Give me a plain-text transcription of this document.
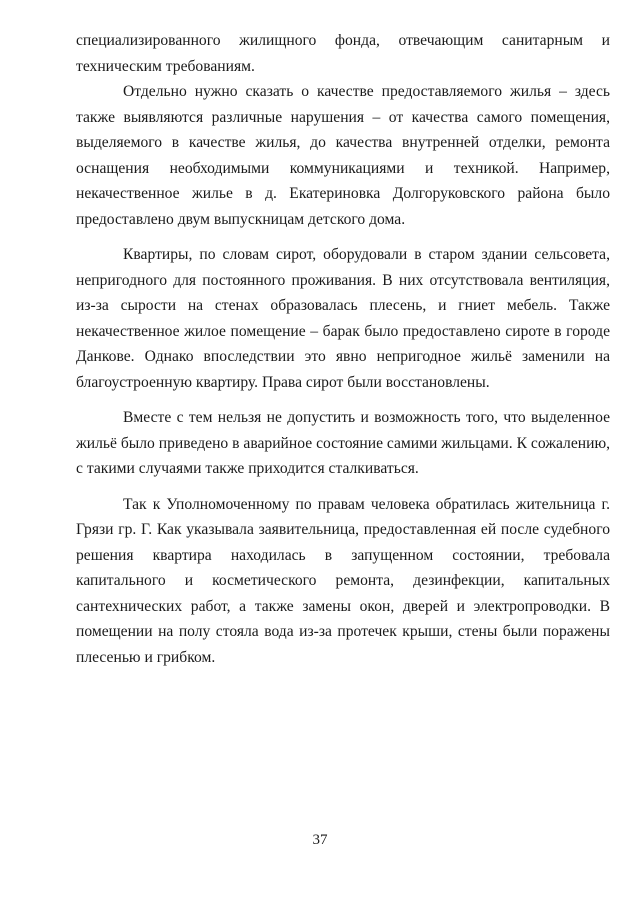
специализированного жилищного фонда, отвечающим санитарным и техническим требованиям.

Отдельно нужно сказать о качестве предоставляемого жилья – здесь также выявляются различные нарушения – от качества самого помещения, выделяемого в качестве жилья, до качества внутренней отделки, ремонта оснащения необходимыми коммуникациями и техникой. Например, некачественное жилье в д. Екатериновка Долгоруковского района было предоставлено двум выпускницам детского дома.

Квартиры, по словам сирот, оборудовали в старом здании сельсовета, непригодного для постоянного проживания. В них отсутствовала вентиляция, из-за сырости на стенах образовалась плесень, и гниет мебель. Также некачественное жилое помещение – барак было предоставлено сироте в городе Данкове. Однако впоследствии это явно непригодное жильё заменили на благоустроенную квартиру. Права сирот были восстановлены.

Вместе с тем нельзя не допустить и возможность того, что выделенное жильё было приведено в аварийное состояние самими жильцами. К сожалению, с такими случаями также приходится сталкиваться.

Так к Уполномоченному по правам человека обратилась жительница г. Грязи гр. Г. Как указывала заявительница, предоставленная ей после судебного решения квартира находилась в запущенном состоянии, требовала капитального и косметического ремонта, дезинфекции, капитальных сантехнических работ, а также замены окон, дверей и электропроводки. В помещении на полу стояла вода из-за протечек крыши, стены были поражены плесенью и грибком.

37
